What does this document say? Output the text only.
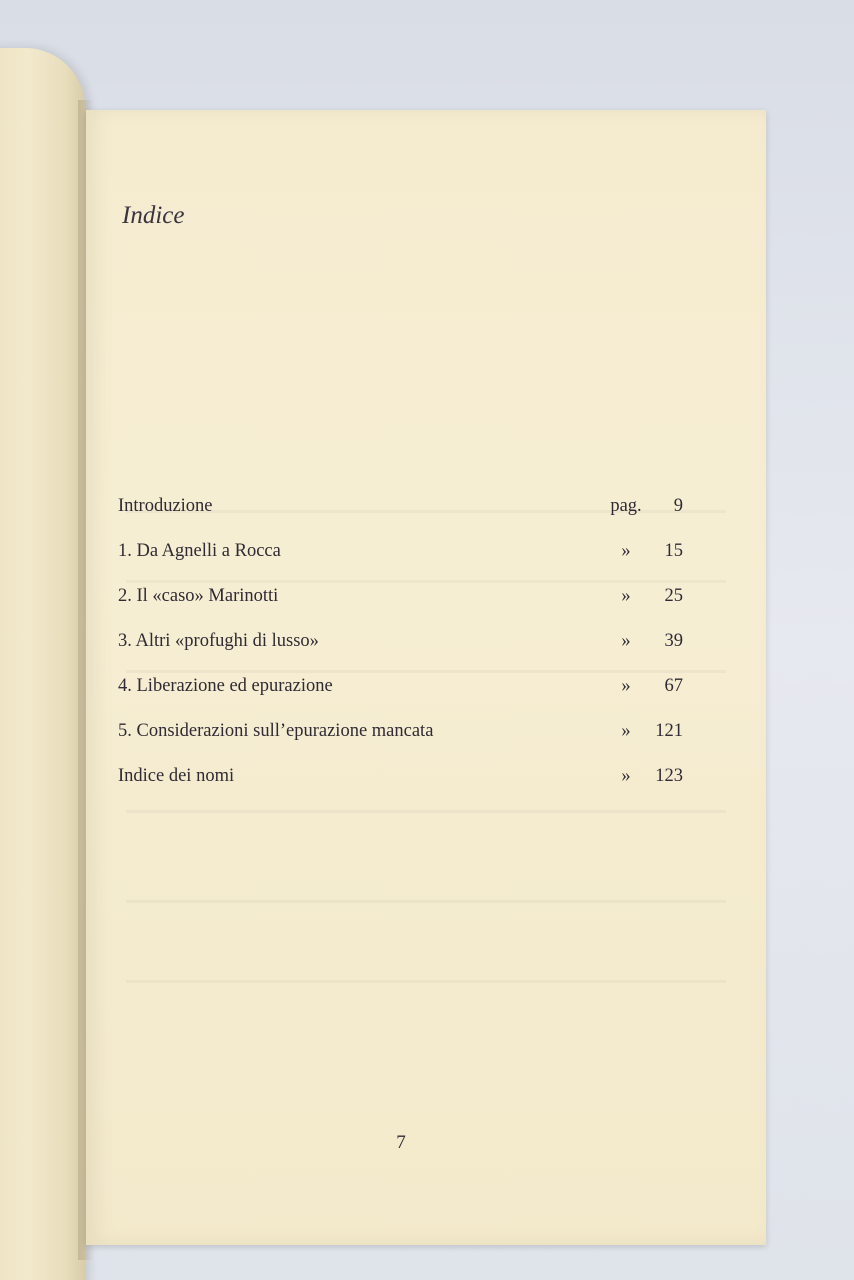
Indice
Introduzione	pag.	9
1. Da Agnelli a Rocca	»	15
2. Il «caso» Marinotti	»	25
3. Altri «profughi di lusso»	»	39
4. Liberazione ed epurazione	»	67
5. Considerazioni sull’epurazione mancata	»	121
Indice dei nomi	»	123
7
